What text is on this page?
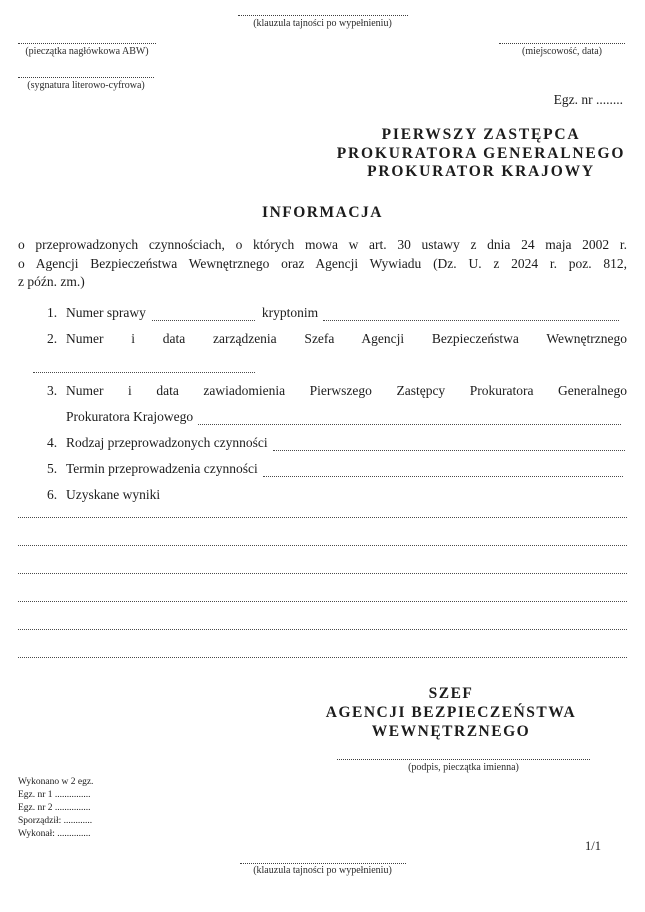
(klauzula tajności po wypełnieniu)
(pieczątka nagłówkowa ABW)	(miejscowość, data)
(sygnatura literowo-cyfrowa)
Egz. nr ........
PIERWSZY ZASTĘPCA
PROKURATORA GENERALNEGO
PROKURATOR KRAJOWY
INFORMACJA
o przeprowadzonych czynnościach, o których mowa w art. 30 ustawy z dnia 24 maja 2002 r.
o Agencji Bezpieczeństwa Wewnętrznego oraz Agencji Wywiadu (Dz. U. z 2024 r. poz. 812,
z późn. zm.)
1. Numer sprawy	kryptonim
2. Numer i data zarządzenia Szefa Agencji Bezpieczeństwa Wewnętrznego
3. Numer i data zawiadomienia Pierwszego Zastępcy Prokuratora Generalnego
Prokuratora Krajowego
4. Rodzaj przeprowadzonych czynności
5. Termin przeprowadzenia czynności
6. Uzyskane wyniki
SZEF
AGENCJI BEZPIECZEŃSTWA
WEWNĘTRZNEGO
(podpis, pieczątka imienna)
Wykonano w 2 egz.
Egz. nr 1 ...............
Egz. nr 2 ...............
Sporządził: ............
Wykonał: ..............
1/1
(klauzula tajności po wypełnieniu)
